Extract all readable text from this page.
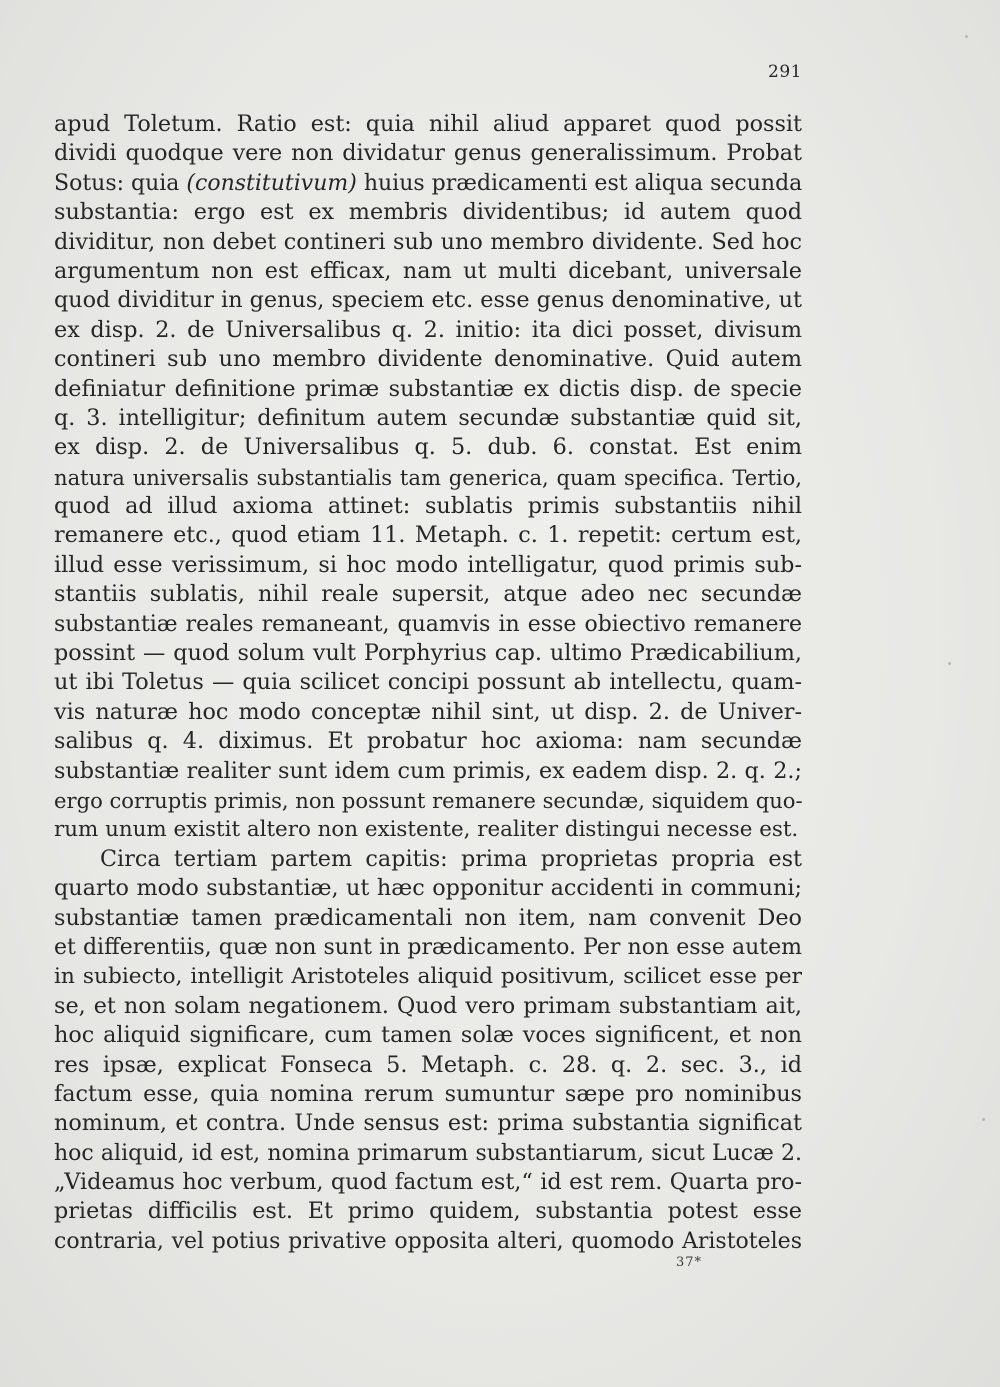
291
apud Toletum. Ratio est: quia nihil aliud apparet quod possit
dividi quodque vere non dividatur genus generalissimum. Probat
Sotus: quia (constitutivum) huius prædicamenti est aliqua secunda
substantia: ergo est ex membris dividentibus; id autem quod
dividitur, non debet contineri sub uno membro dividente. Sed hoc
argumentum non est efficax, nam ut multi dicebant, universale
quod dividitur in genus, speciem etc. esse genus denominative, ut
ex disp. 2. de Universalibus q. 2. initio: ita dici posset, divisum
contineri sub uno membro dividente denominative. Quid autem
definiatur definitione primæ substantiæ ex dictis disp. de specie
q. 3. intelligitur; definitum autem secundæ substantiæ quid sit,
ex disp. 2. de Universalibus q. 5. dub. 6. constat. Est enim
natura universalis substantialis tam generica, quam specifica. Tertio,
quod ad illud axioma attinet: sublatis primis substantiis nihil
remanere etc., quod etiam 11. Metaph. c. 1. repetit: certum est,
illud esse verissimum, si hoc modo intelligatur, quod primis sub-
stantiis sublatis, nihil reale supersit, atque adeo nec secundæ
substantiæ reales remaneant, quamvis in esse obiectivo remanere
possint — quod solum vult Porphyrius cap. ultimo Prædicabilium,
ut ibi Toletus — quia scilicet concipi possunt ab intellectu, quam-
vis naturæ hoc modo conceptæ nihil sint, ut disp. 2. de Univer-
salibus q. 4. diximus. Et probatur hoc axioma: nam secundæ
substantiæ realiter sunt idem cum primis, ex eadem disp. 2. q. 2.;
ergo corruptis primis, non possunt remanere secundæ, siquidem quo-
rum unum existit altero non existente, realiter distingui necesse est.
Circa tertiam partem capitis: prima proprietas propria est
quarto modo substantiæ, ut hæc opponitur accidenti in communi;
substantiæ tamen prædicamentali non item, nam convenit Deo
et differentiis, quæ non sunt in prædicamento. Per non esse autem
in subiecto, intelligit Aristoteles aliquid positivum, scilicet esse per
se, et non solam negationem. Quod vero primam substantiam ait,
hoc aliquid significare, cum tamen solæ voces significent, et non
res ipsæ, explicat Fonseca 5. Metaph. c. 28. q. 2. sec. 3., id
factum esse, quia nomina rerum sumuntur sæpe pro nominibus
nominum, et contra. Unde sensus est: prima substantia significat
hoc aliquid, id est, nomina primarum substantiarum, sicut Lucæ 2.
„Videamus hoc verbum, quod factum est,“ id est rem. Quarta pro-
prietas difficilis est. Et primo quidem, substantia potest esse
contraria, vel potius privative opposita alteri, quomodo Aristoteles
37*
